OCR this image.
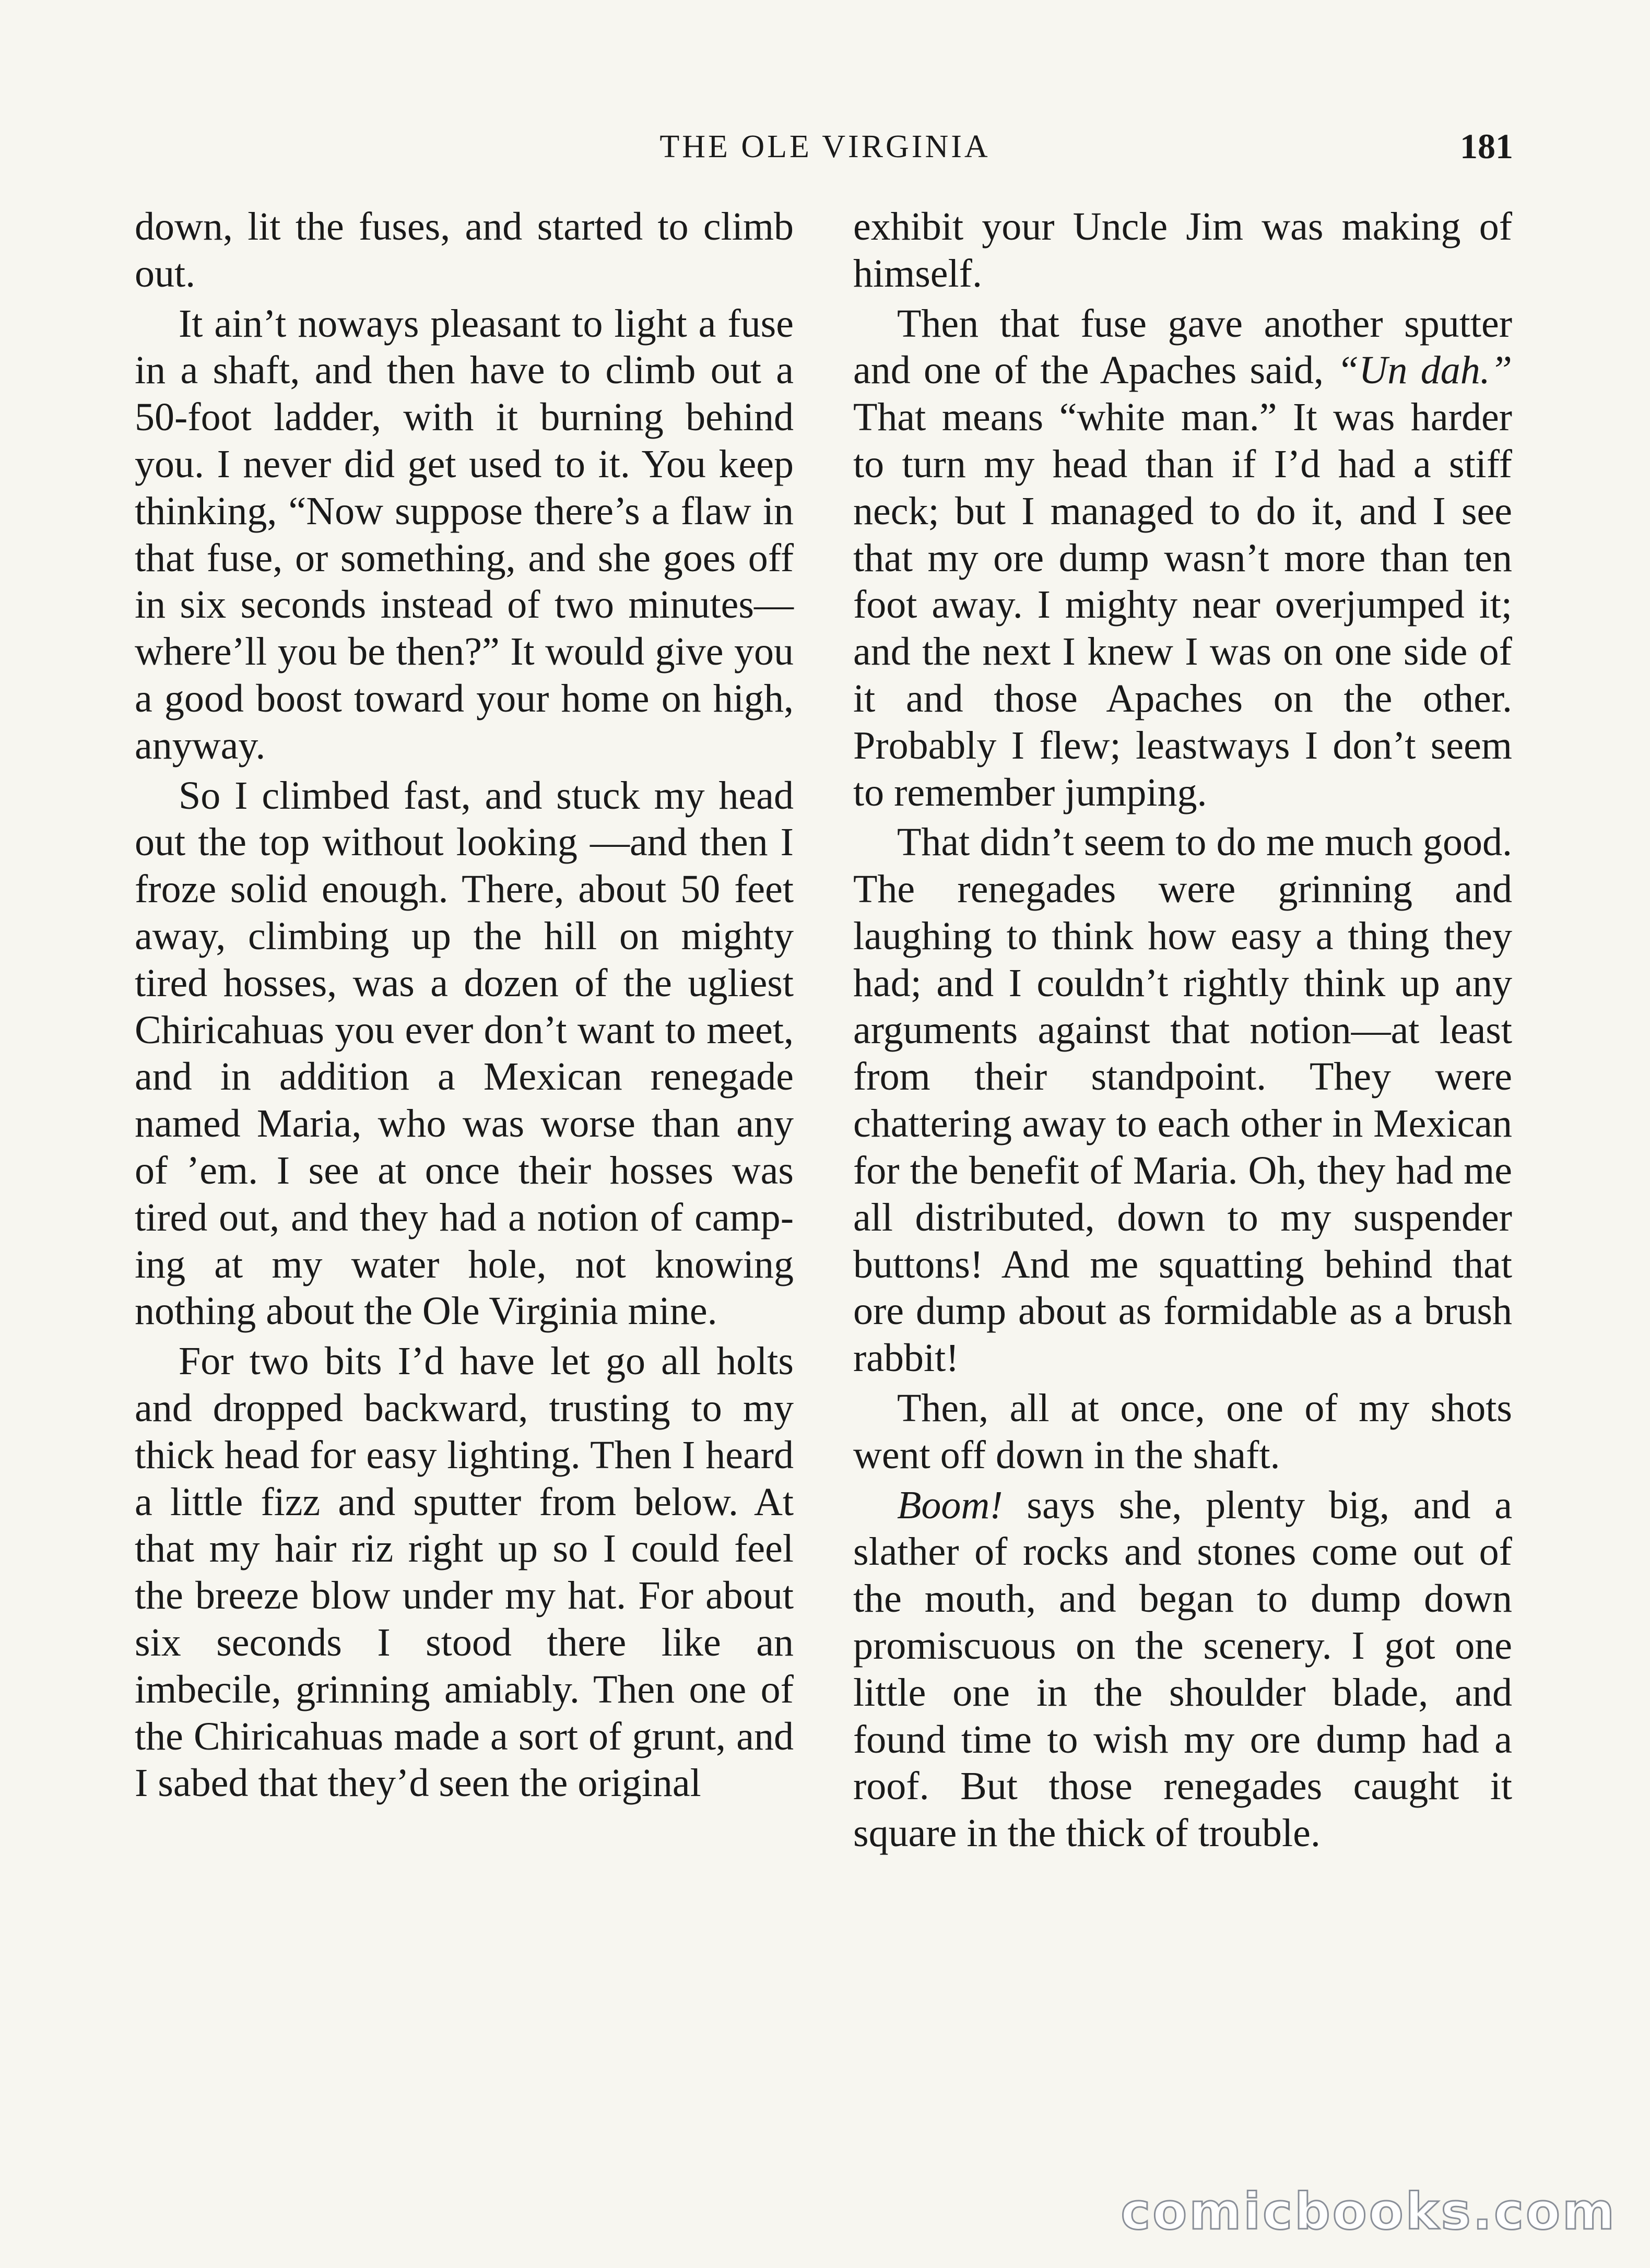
THE OLE VIRGINIA	181

down, lit the fuses, and started to climb out.

It ain’t noways pleasant to light a fuse in a shaft, and then have to climb out a 50-foot ladder, with it burning behind you. I never did get used to it. You keep thinking, “Now suppose there’s a flaw in that fuse, or something, and she goes off in six seconds instead of two minutes—where’ll you be then?” It would give you a good boost toward your home on high, anyway.

So I climbed fast, and stuck my head out the top without looking —and then I froze solid enough. There, about 50 feet away, climbing up the hill on mighty tired hosses, was a dozen of the ugliest Chiricahuas you ever don’t want to meet, and in addition a Mexican renegade named Maria, who was worse than any of ’em. I see at once their hosses was tired out, and they had a notion of camping at my water hole, not knowing nothing about the Ole Virginia mine.

For two bits I’d have let go all holts and dropped backward, trusting to my thick head for easy lighting. Then I heard a little fizz and sputter from below. At that my hair riz right up so I could feel the breeze blow under my hat. For about six seconds I stood there like an imbecile, grinning amiably. Then one of the Chiricahuas made a sort of grunt, and I sabed that they’d seen the original

exhibit your Uncle Jim was making of himself.

Then that fuse gave another sputter and one of the Apaches said, “Un dah.” That means “white man.” It was harder to turn my head than if I’d had a stiff neck; but I managed to do it, and I see that my ore dump wasn’t more than ten foot away. I mighty near overjumped it; and the next I knew I was on one side of it and those Apaches on the other. Probably I flew; leastways I don’t seem to remember jumping.

That didn’t seem to do me much good. The renegades were grinning and laughing to think how easy a thing they had; and I couldn’t rightly think up any arguments against that notion—at least from their standpoint. They were chattering away to each other in Mexican for the benefit of Maria. Oh, they had me all distributed, down to my suspender buttons! And me squatting behind that ore dump about as formidable as a brush rabbit!

Then, all at once, one of my shots went off down in the shaft.

Boom! says she, plenty big, and a slather of rocks and stones come out of the mouth, and began to dump down promiscuous on the scenery. I got one little one in the shoulder blade, and found time to wish my ore dump had a roof. But those renegades caught it square in the thick of trouble.

comicbooks.com
